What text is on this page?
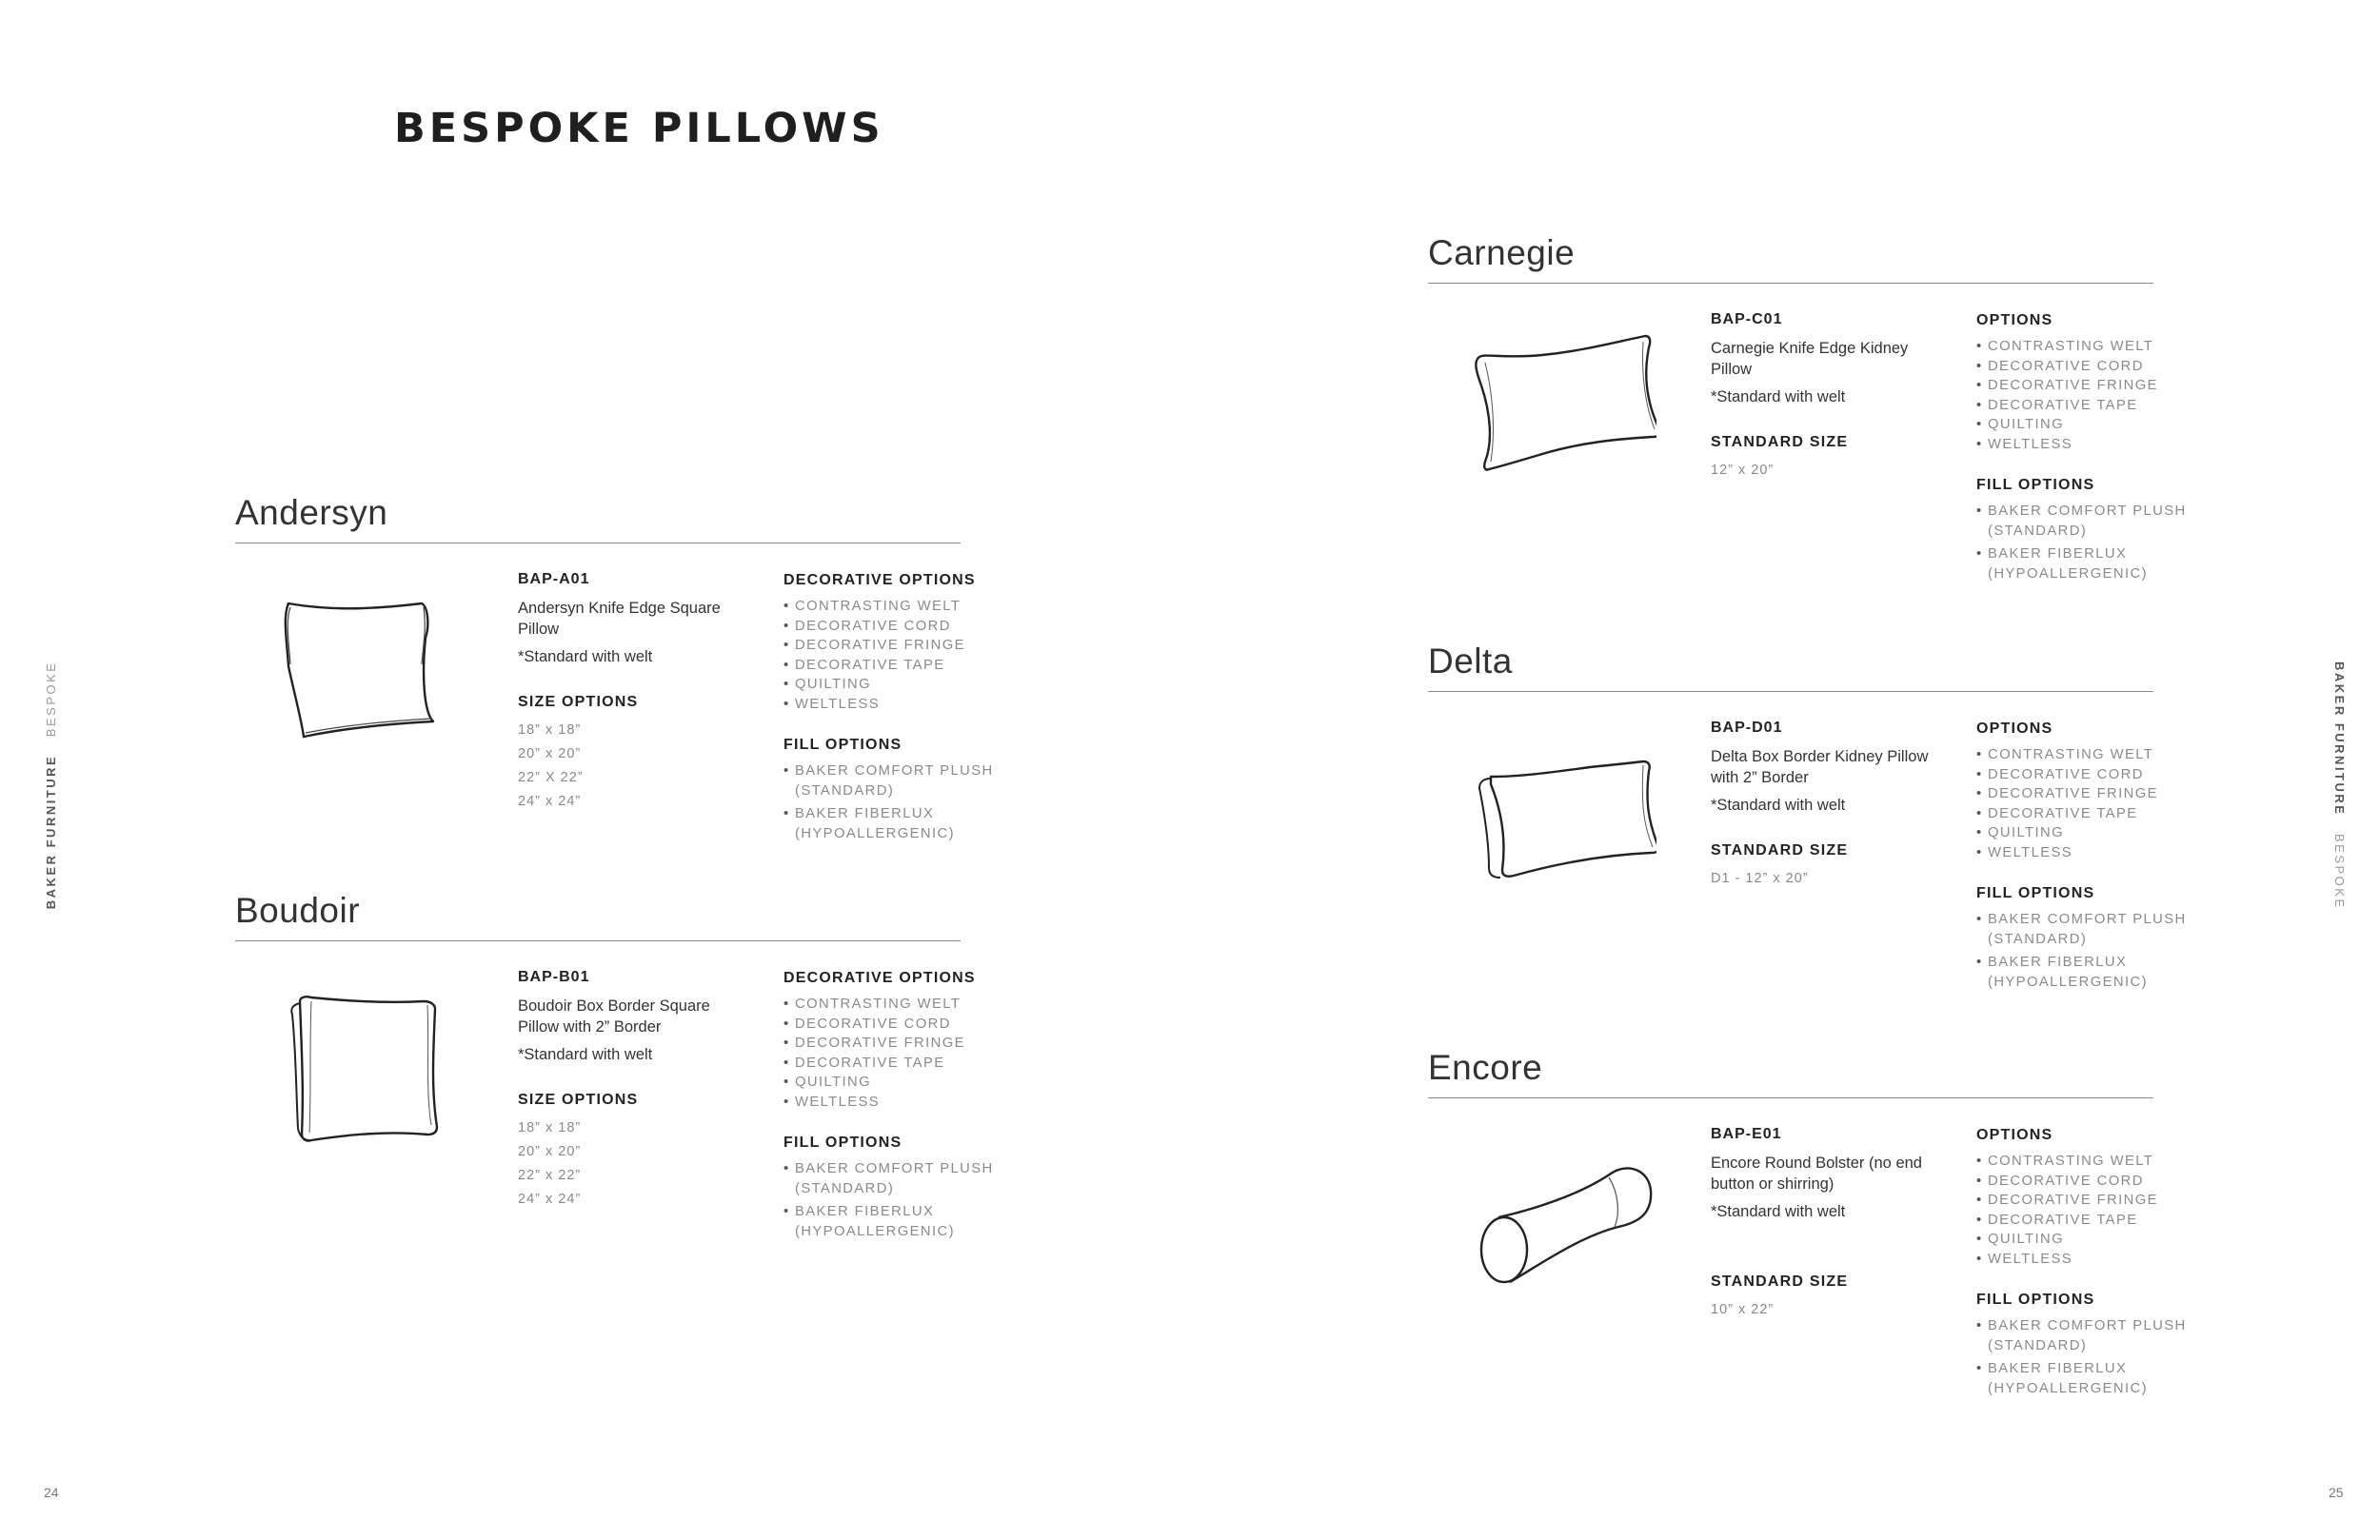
BESPOKE PILLOWS
BAKER FURNITURE BESPOKE	BAKER FURNITURE BESPOKE
24	25
Andersyn

BAP-A01

Andersyn Knife Edge Square Pillow

*Standard with welt

SIZE OPTIONS

18” x 18”
20” x 20”
22” X 22”
24” x 24”

DECORATIVE OPTIONS

• CONTRASTING WELT
• DECORATIVE CORD
• DECORATIVE FRINGE
• DECORATIVE TAPE
• QUILTING
• WELTLESS

FILL OPTIONS

• BAKER COMFORT PLUSH (STANDARD)
• BAKER FIBERLUX (HYPOALLERGENIC)
Boudoir

BAP-B01

Boudoir Box Border Square Pillow with 2” Border

*Standard with welt

SIZE OPTIONS

18” x 18”
20” x 20”
22” x 22”
24” x 24”

DECORATIVE OPTIONS

• CONTRASTING WELT
• DECORATIVE CORD
• DECORATIVE FRINGE
• DECORATIVE TAPE
• QUILTING
• WELTLESS

FILL OPTIONS

• BAKER COMFORT PLUSH (STANDARD)
• BAKER FIBERLUX (HYPOALLERGENIC)
Carnegie

BAP-C01

Carnegie Knife Edge Kidney Pillow

*Standard with welt

STANDARD SIZE

12” x 20”

OPTIONS

• CONTRASTING WELT
• DECORATIVE CORD
• DECORATIVE FRINGE
• DECORATIVE TAPE
• QUILTING
• WELTLESS

FILL OPTIONS

• BAKER COMFORT PLUSH (STANDARD)
• BAKER FIBERLUX (HYPOALLERGENIC)
Delta

BAP-D01

Delta Box Border Kidney Pillow with 2” Border

*Standard with welt

STANDARD SIZE

D1 - 12” x 20”

OPTIONS

• CONTRASTING WELT
• DECORATIVE CORD
• DECORATIVE FRINGE
• DECORATIVE TAPE
• QUILTING
• WELTLESS

FILL OPTIONS

• BAKER COMFORT PLUSH (STANDARD)
• BAKER FIBERLUX (HYPOALLERGENIC)
Encore

BAP-E01

Encore Round Bolster (no end button or shirring)

*Standard with welt

STANDARD SIZE

10” x 22”

OPTIONS

• CONTRASTING WELT
• DECORATIVE CORD
• DECORATIVE FRINGE
• DECORATIVE TAPE
• QUILTING
• WELTLESS

FILL OPTIONS

• BAKER COMFORT PLUSH (STANDARD)
• BAKER FIBERLUX (HYPOALLERGENIC)
